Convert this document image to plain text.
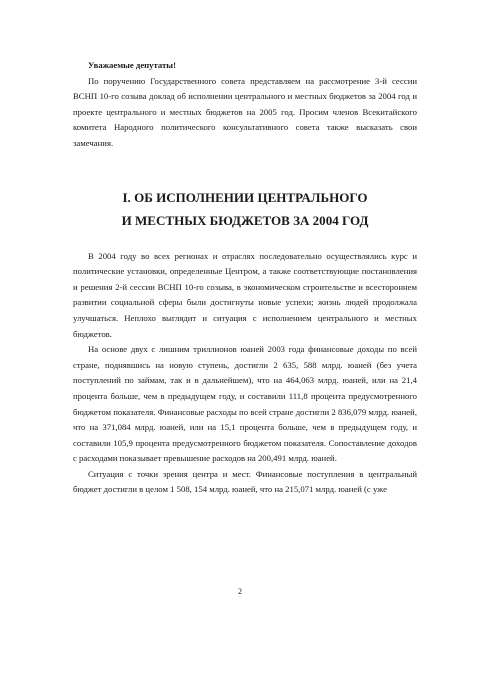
Уважаемые депутаты!

По поручению Государственного совета представляем на рассмотрение 3-й сессии ВСНП 10-го созыва доклад об исполнении центрального и местных бюджетов за 2004 год и проекте центрального и местных бюджетов на 2005 год. Просим членов Всекитайского комитета Народного политического консультативного совета также высказать свои замечания.

I. ОБ ИСПОЛНЕНИИ ЦЕНТРАЛЬНОГО
И МЕСТНЫХ БЮДЖЕТОВ ЗА 2004 ГОД

В 2004 году во всех регионах и отраслях последовательно осуществлялись курс и политические установки, определенные Центром, а также соответствующие постановления и решения 2-й сессии ВСНП 10-го созыва, в экономическом строительстве и всестороннем развитии социальной сферы были достигнуты новые успехи; жизнь людей продолжала улучшаться. Неплохо выглядит и ситуация с исполнением центрального и местных бюджетов.

На основе двух с лишним триллионов юаней 2003 года финансовые доходы по всей стране, поднявшись на новую ступень, достигли 2 635, 588 млрд. юаней (без учета поступлений по займам, так и в дальнейшем), что на 464,063 млрд. юаней, или на 21,4 процента больше, чем в предыдущем году, и составили 111,8 процента предусмотренного бюджетом показателя. Финансовые расходы по всей стране достигли 2 836,079 млрд. юаней, что на 371,084 млрд. юаней, или на 15,1 процента больше, чем в предыдущем году, и составили 105,9 процента предусмотренного бюджетом показателя. Сопоставление доходов с расходами показывает превышение расходов на 200,491 млрд. юаней.

Ситуация с точки зрения центра и мест. Финансовые поступления в центральный бюджет достигли в целом 1 508, 154 млрд. юаней, что на 215,071 млрд. юаней (с уже

2
